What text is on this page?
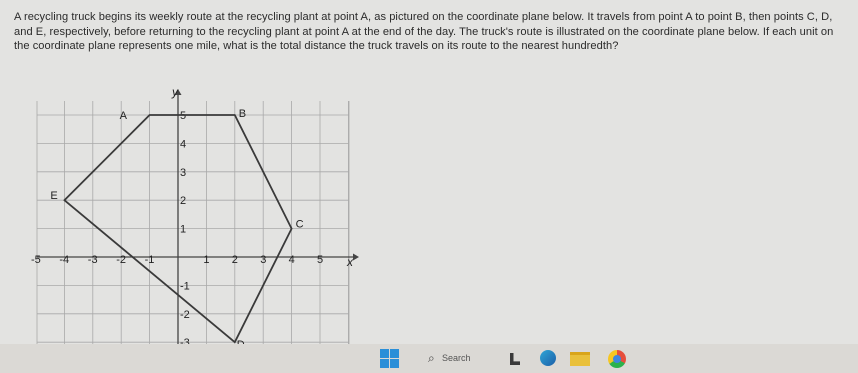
A recycling truck begins its weekly route at the recycling plant at point A, as pictured on the coordinate plane below. It travels from point A to point B, then points C, D, and E, respectively, before returning to the recycling plant at point A at the end of the day. The truck's route is illustrated on the coordinate plane below. If each unit on the coordinate plane represents one mile, what is the total distance the truck travels on its route to the nearest hundredth?
-5 -4 -3 -2 -1	1 2 3 4 5
5
4
3
2
1
-1
-2
A	B
C
E
x
y
⌕ Search
